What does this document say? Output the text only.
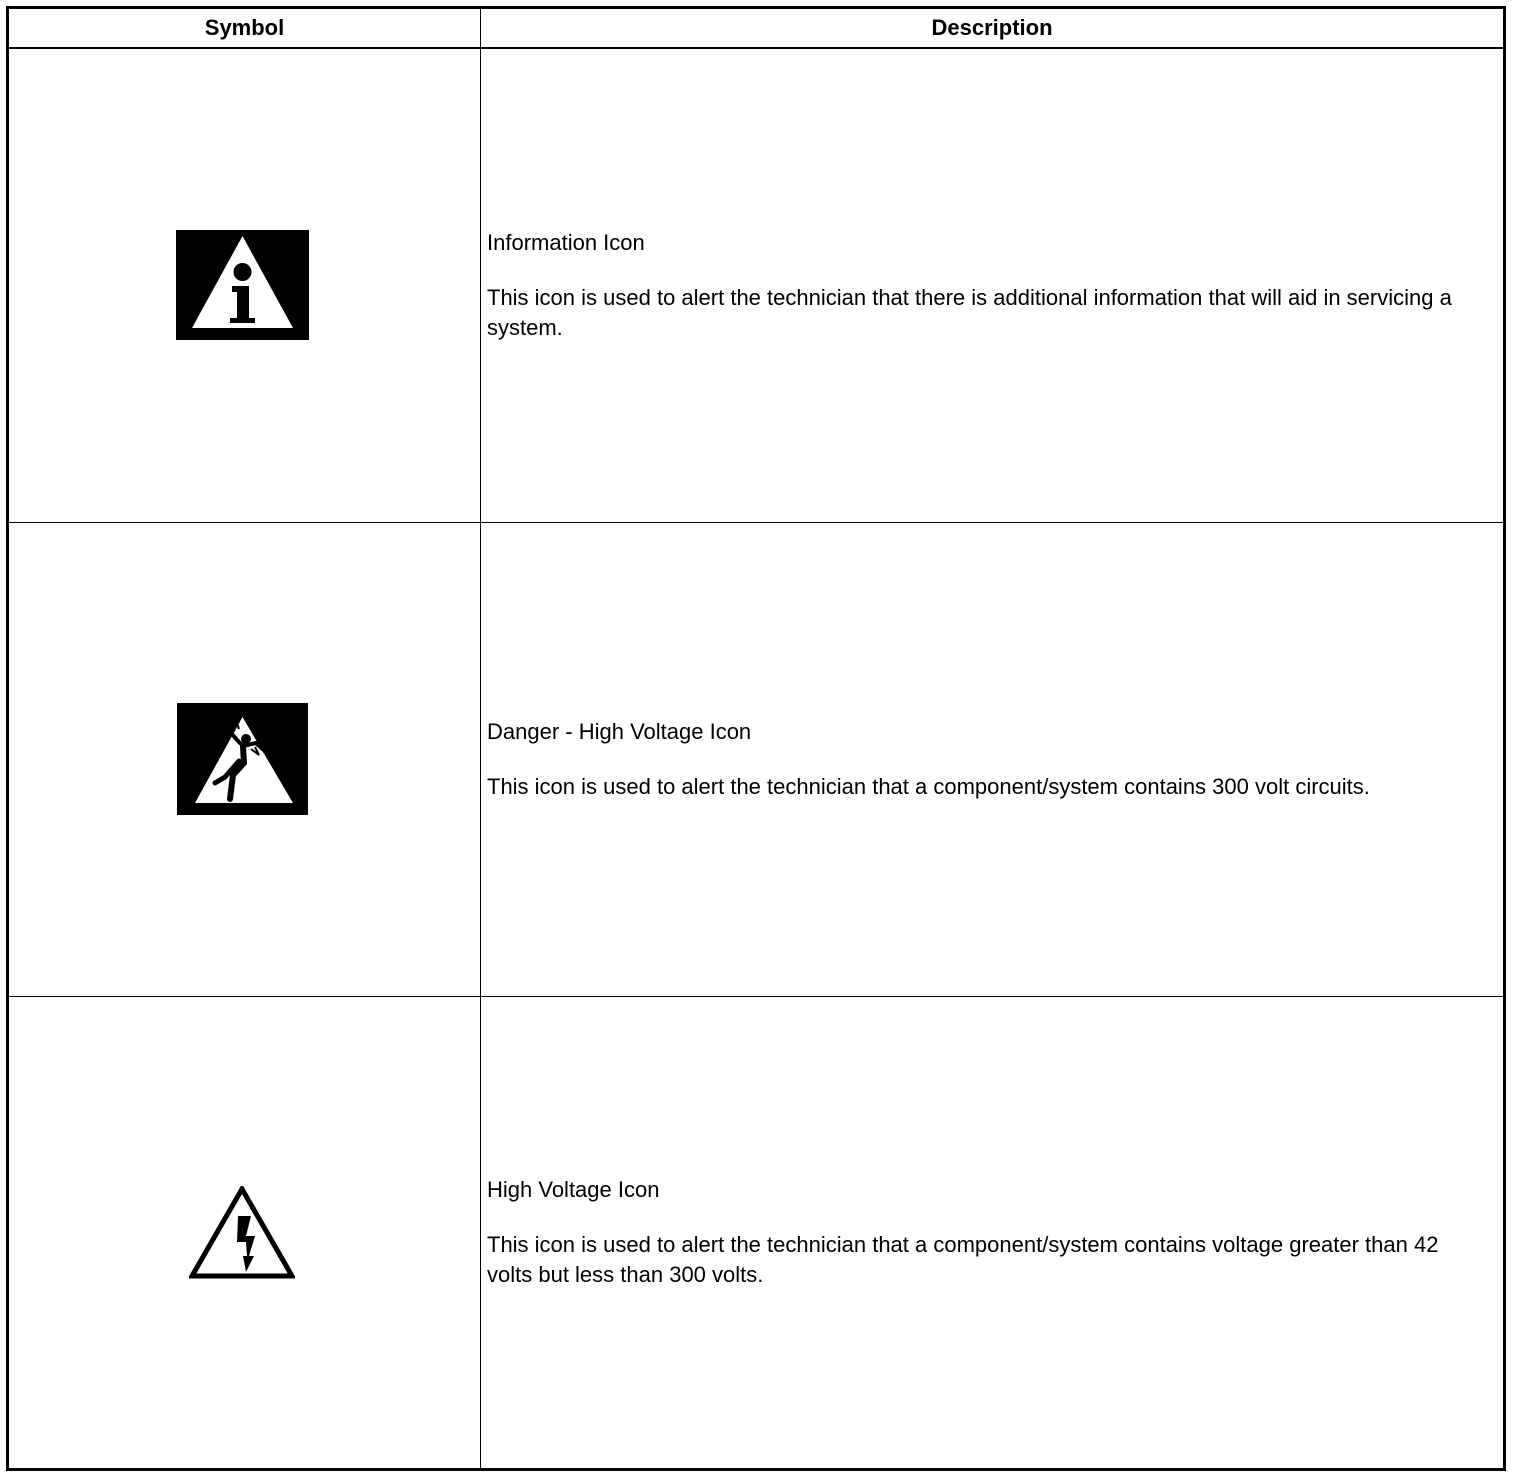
Symbol	Description

Information Icon

This icon is used to alert the technician that there is additional information that will aid in servicing a system.

Danger - High Voltage Icon

This icon is used to alert the technician that a component/system contains 300 volt circuits.

High Voltage Icon

This icon is used to alert the technician that a component/system contains voltage greater than 42 volts but less than 300 volts.
